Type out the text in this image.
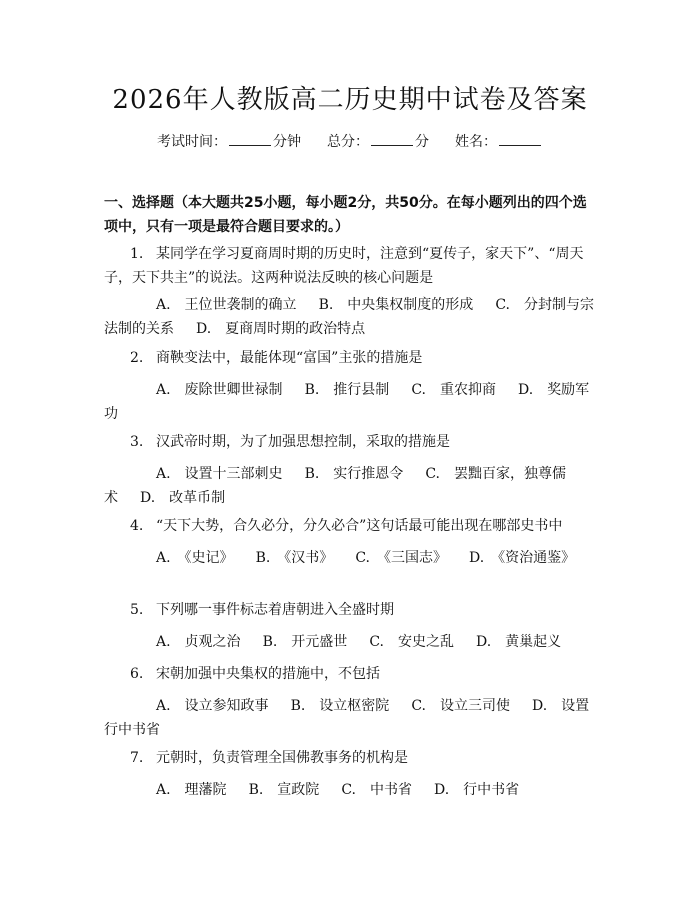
2026年人教版高二历史期中试卷及答案
考试时间：	分钟 总分：	分 姓名：
一、选择题（本大题共25小题，每小题2分，共50分。在每小题列出的四个选项中，只有一项是最符合题目要求的。）
1. 某同学在学习夏商周时期的历史时，注意到“夏传子，家天下”、“周天子，天下共主”的说法。这两种说法反映的核心问题是
A.　王位世袭制的确立 B.　中央集权制度的形成 C.　分封制与宗法制的关系 D.　夏商周时期的政治特点
2. 商鞅变法中，最能体现“富国”主张的措施是
A.　废除世卿世禄制 B.　推行县制 C.　重农抑商 D.　奖励军功
3. 汉武帝时期，为了加强思想控制，采取的措施是
A.　设置十三部刺史 B.　实行推恩令 C.　罢黜百家，独尊儒术 D.　改革币制
4. “天下大势，合久必分，分久必合”这句话最可能出现在哪部史书中
A.　《史记》 B.　《汉书》 C.　《三国志》 D.　《资治通鉴》
5. 下列哪一事件标志着唐朝进入全盛时期
A.　贞观之治 B.　开元盛世 C.　安史之乱 D.　黄巢起义
6. 宋朝加强中央集权的措施中，不包括
A.　设立参知政事 B.　设立枢密院 C.　设立三司使 D.　设置行中书省
7. 元朝时，负责管理全国佛教事务的机构是
A.　理藩院 B.　宣政院 C.　中书省 D.　行中书省
